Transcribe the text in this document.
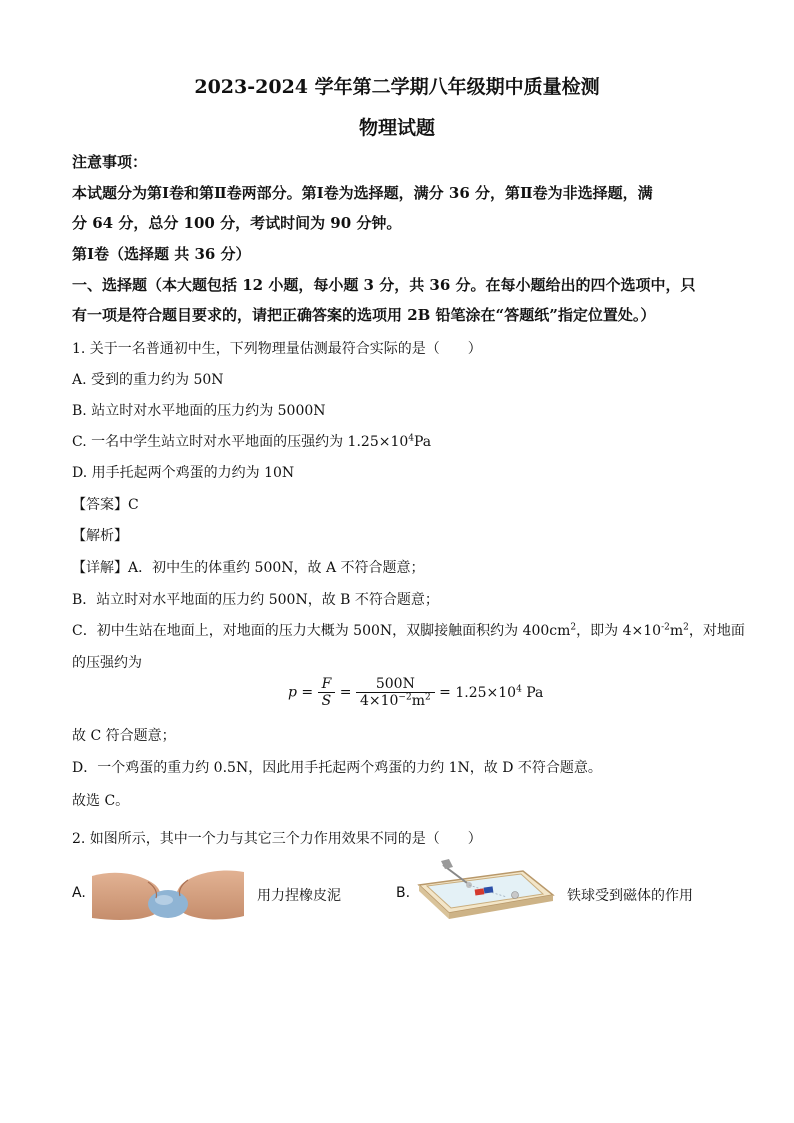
2023-2024 学年第二学期八年级期中质量检测
物理试题
注意事项：
本试题分为第Ⅰ卷和第Ⅱ卷两部分。第Ⅰ卷为选择题，满分 36 分，第Ⅱ卷为非选择题，满
分 64 分，总分 100 分，考试时间为 90 分钟。
第Ⅰ卷（选择题 共 36 分）
一、选择题（本大题包括 12 小题，每小题 3 分，共 36 分。在每小题给出的四个选项中，只
有一项是符合题目要求的，请把正确答案的选项用 2B 铅笔涂在“答题纸”指定位置处。）
1. 关于一名普通初中生，下列物理量估测最符合实际的是（　　）
A. 受到的重力约为 50N
B. 站立时对水平地面的压力约为 5000N
C. 一名中学生站立时对水平地面的压强约为 $1.25\times 10^4Pa$
D. 用手托起两个鸡蛋的力约为 10N
【答案】C
【解析】
【详解】A．初中生的体重约 500N，故 A 不符合题意；
B．站立时对水平地面的压力约 500N，故 B 不符合题意；
C．初中生站在地面上，对地面的压力大概为 500N，双脚接触面积约为 $400cm^2$，即为 $4\times 10^{-2}m^2$，对地面
的压强约为
$p = \frac{F}{S} = \frac{500N}{4\times 10^{-2}m^2} = 1.25\times 10^4$ Pa
故 C 符合题意；
D．一个鸡蛋的重力约 0.5N，因此用手托起两个鸡蛋的力约 1N，故 D 不符合题意。
故选 C。
2. 如图所示，其中一个力与其它三个力作用效果不同的是（　　）
A.	用力捏橡皮泥	B.	铁球受到磁体的作用
